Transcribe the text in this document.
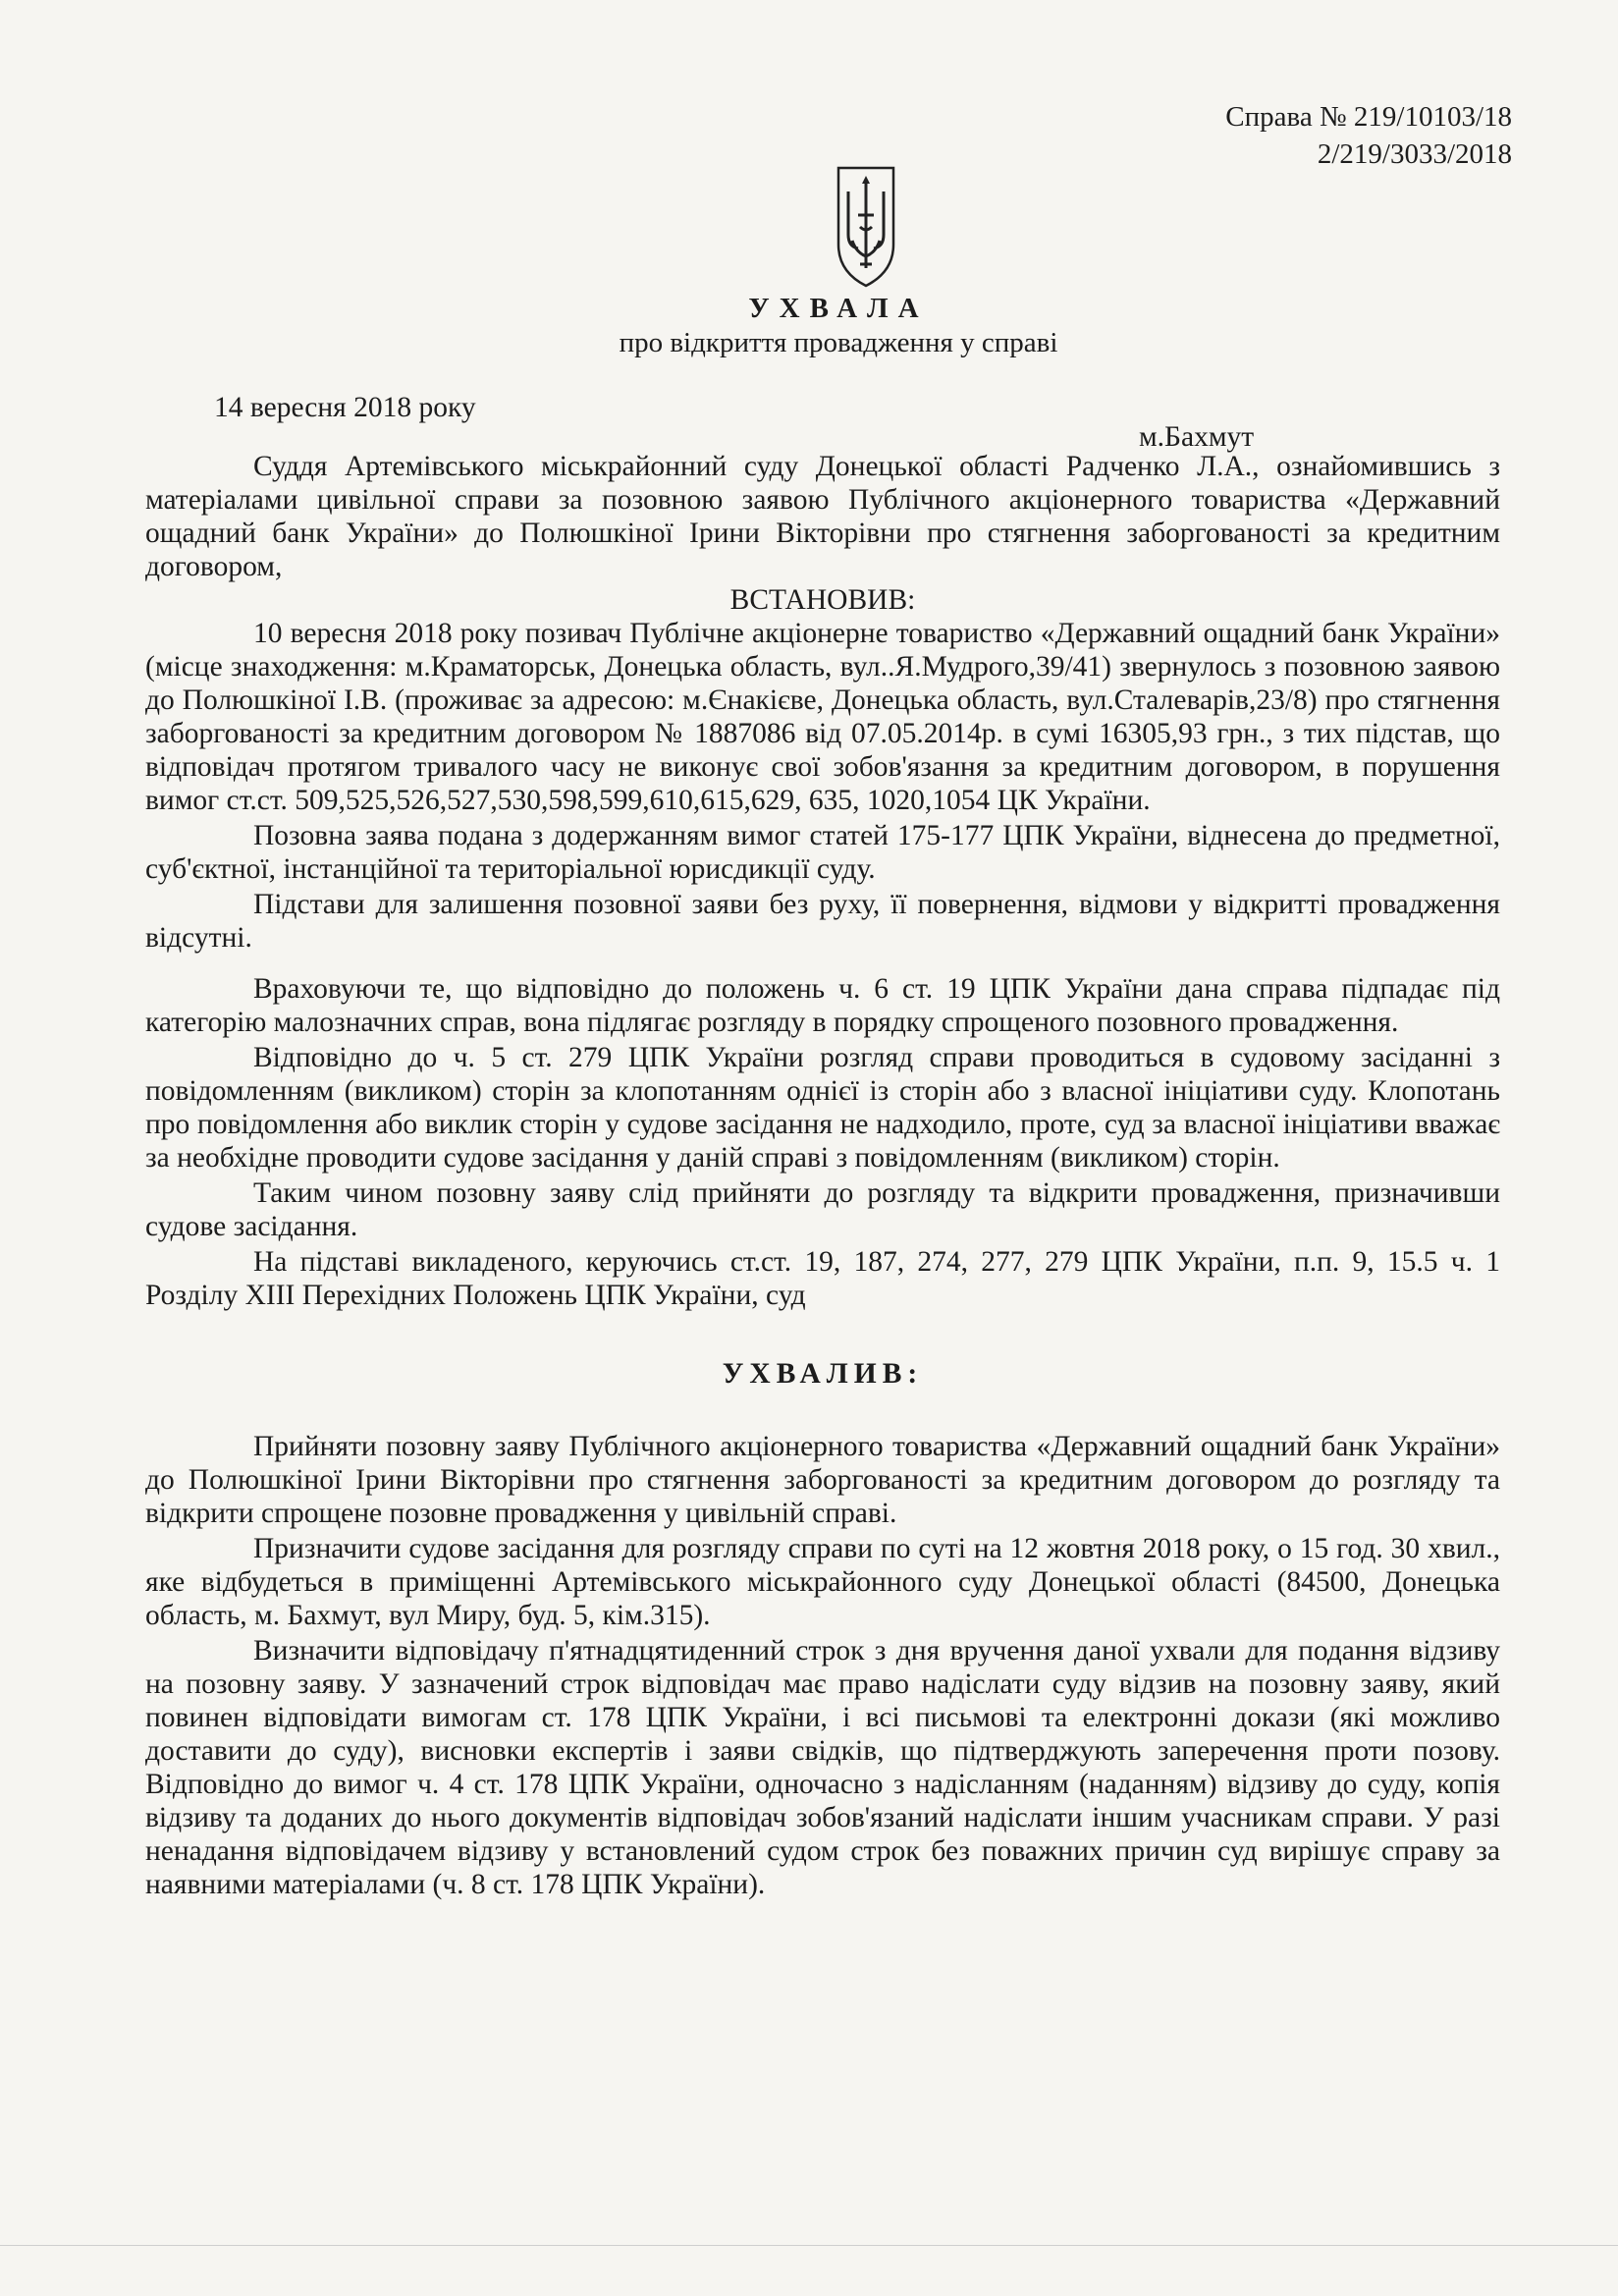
Справа № 219/10103/18
2/219/3033/2018
УХВАЛА
про відкриття провадження у справі
14 вересня 2018 року
м.Бахмут

Суддя Артемівського міськрайонний суду Донецької області Радченко Л.А., ознайомившись з матеріалами цивільної справи за позовною заявою Публічного акціонерного товариства «Державний ощадний банк України» до Полюшкіної Ірини Вікторівни про стягнення заборгованості за кредитним договором,

ВСТАНОВИВ:

10 вересня 2018 року позивач Публічне акціонерне товариство «Державний ощадний банк України» (місце знаходження: м.Краматорськ, Донецька область, вул..Я.Мудрого,39/41) звернулось з позовною заявою до Полюшкіної І.В. (проживає за адресою: м.Єнакієве, Донецька область, вул.Сталеварів,23/8) про стягнення заборгованості за кредитним договором № 1887086 від 07.05.2014р. в сумі 16305,93 грн., з тих підстав, що відповідач протягом тривалого часу не виконує свої зобов'язання за кредитним договором, в порушення вимог ст.ст. 509,525,526,527,530,598,599,610,615,629, 635, 1020,1054 ЦК України.

Позовна заява подана з додержанням вимог статей 175-177 ЦПК України, віднесена до предметної, суб'єктної, інстанційної та територіальної юрисдикції суду.

Підстави для залишення позовної заяви без руху, її повернення, відмови у відкритті провадження відсутні.

Враховуючи те, що відповідно до положень ч. 6 ст. 19 ЦПК України дана справа підпадає під категорію малозначних справ, вона підлягає розгляду в порядку спрощеного позовного провадження.

Відповідно до ч. 5 ст. 279 ЦПК України розгляд справи проводиться в судовому засіданні з повідомленням (викликом) сторін за клопотанням однієї із сторін або з власної ініціативи суду. Клопотань про повідомлення або виклик сторін у судове засідання не надходило, проте, суд за власної ініціативи вважає за необхідне проводити судове засідання у даній справі з повідомленням (викликом) сторін.

Таким чином позовну заяву слід прийняти до розгляду та відкрити провадження, призначивши судове засідання.

На підставі викладеного, керуючись ст.ст. 19, 187, 274, 277, 279 ЦПК України, п.п. 9, 15.5 ч. 1 Розділу XIII Перехідних Положень ЦПК України, суд

УХВАЛИВ:

Прийняти позовну заяву Публічного акціонерного товариства «Державний ощадний банк України» до Полюшкіної Ірини Вікторівни про стягнення заборгованості за кредитним договором до розгляду та відкрити спрощене позовне провадження у цивільній справі.

Призначити судове засідання для розгляду справи по суті на 12 жовтня 2018 року, о 15 год. 30 хвил., яке відбудеться в приміщенні Артемівського міськрайонного суду Донецької області (84500, Донецька область, м. Бахмут, вул Миру, буд. 5, кім.315).

Визначити відповідачу п'ятнадцятиденний строк з дня вручення даної ухвали для подання відзиву на позовну заяву. У зазначений строк відповідач має право надіслати суду відзив на позовну заяву, який повинен відповідати вимогам ст. 178 ЦПК України, і всі письмові та електронні докази (які можливо доставити до суду), висновки експертів і заяви свідків, що підтверджують заперечення проти позову. Відповідно до вимог ч. 4 ст. 178 ЦПК України, одночасно з надісланням (наданням) відзиву до суду, копія відзиву та доданих до нього документів відповідач зобов'язаний надіслати іншим учасникам справи. У разі ненадання відповідачем відзиву у встановлений судом строк без поважних причин суд вирішує справу за наявними матеріалами (ч. 8 ст. 178 ЦПК України).
